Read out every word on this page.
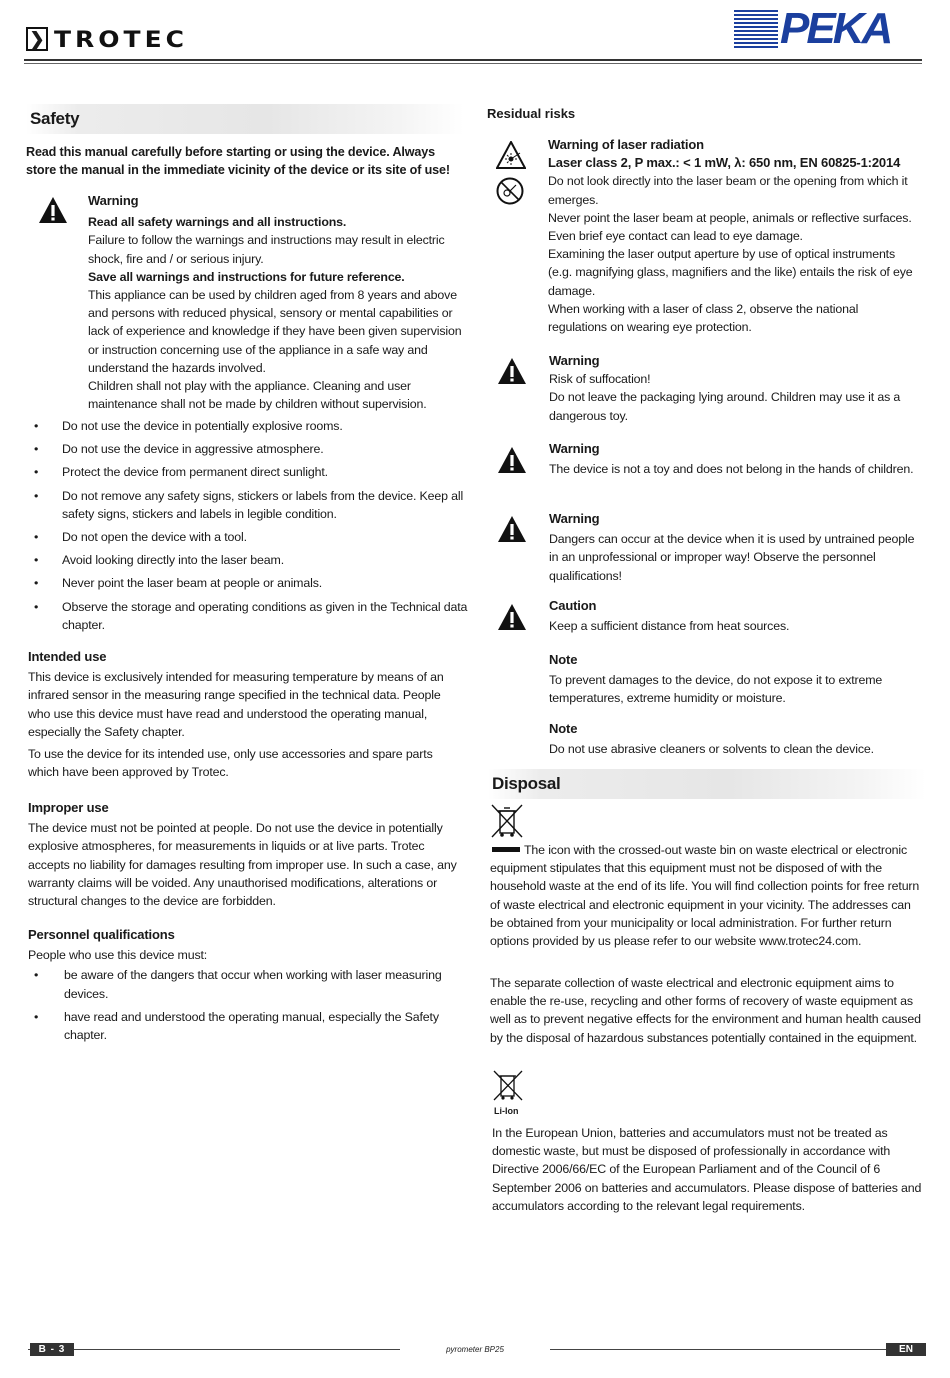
❯ TROTEC	PEKA
Safety
Read this manual carefully before starting or using the device. Always store the manual in the immediate vicinity of the device or its site of use!
Warning
Read all safety warnings and all instructions.
Failure to follow the warnings and instructions may result in electric shock, fire and / or serious injury.
Save all warnings and instructions for future reference.
This appliance can be used by children aged from 8 years and above and persons with reduced physical, sensory or mental capabilities or lack of experience and knowledge if they have been given supervision or instruction concerning use of the appliance in a safe way and understand the hazards involved.
Children shall not play with the appliance. Cleaning and user maintenance shall not be made by children without supervision.
• Do not use the device in potentially explosive rooms.
• Do not use the device in aggressive atmosphere.
• Protect the device from permanent direct sunlight.
• Do not remove any safety signs, stickers or labels from the device. Keep all safety signs, stickers and labels in legible condition.
• Do not open the device with a tool.
• Avoid looking directly into the laser beam.
• Never point the laser beam at people or animals.
• Observe the storage and operating conditions as given in the Technical data chapter.
Intended use

This device is exclusively intended for measuring temperature by means of an infrared sensor in the measuring range specified in the technical data. People who use this device must have read and understood the operating manual, especially the Safety chapter.

To use the device for its intended use, only use accessories and spare parts which have been approved by Trotec.

Improper use

The device must not be pointed at people. Do not use the device in potentially explosive atmospheres, for measurements in liquids or at live parts. Trotec accepts no liability for damages resulting from improper use. In such a case, any warranty claims will be voided. Any unauthorised modifications, alterations or structural changes to the device are forbidden.

Personnel qualifications

People who use this device must:

• be aware of the dangers that occur when working with laser measuring devices.
• have read and understood the operating manual, especially the Safety chapter.
Residual risks
Warning of laser radiation
Laser class 2, P max.: < 1 mW, λ: 650 nm, EN 60825-1:2014
Do not look directly into the laser beam or the opening from which it emerges.
Never point the laser beam at people, animals or reflective surfaces. Even brief eye contact can lead to eye damage.
Examining the laser output aperture by use of optical instruments (e.g. magnifying glass, magnifiers and the like) entails the risk of eye damage.
When working with a laser of class 2, observe the national regulations on wearing eye protection.
Warning
Risk of suffocation!
Do not leave the packaging lying around. Children may use it as a dangerous toy.
Warning
The device is not a toy and does not belong in the hands of children.
Warning
Dangers can occur at the device when it is used by untrained people in an unprofessional or improper way! Observe the personnel qualifications!
Caution
Keep a sufficient distance from heat sources.
Note
To prevent damages to the device, do not expose it to extreme temperatures, extreme humidity or moisture.
Note
Do not use abrasive cleaners or solvents to clean the device.
Disposal
The icon with the crossed-out waste bin on waste electrical or electronic equipment stipulates that this equipment must not be disposed of with the household waste at the end of its life. You will find collection points for free return of waste electrical and electronic equipment in your vicinity. The addresses can be obtained from your municipality or local administration. For further return options provided by us please refer to our website www.trotec24.com.
The separate collection of waste electrical and electronic equipment aims to enable the re-use, recycling and other forms of recovery of waste equipment as well as to prevent negative effects for the environment and human health caused by the disposal of hazardous substances potentially contained in the equipment.
Li-Ion
In the European Union, batteries and accumulators must not be treated as domestic waste, but must be disposed of professionally in accordance with Directive 2006/66/EC of the European Parliament and of the Council of 6 September 2006 on batteries and accumulators. Please dispose of batteries and accumulators according to the relevant legal requirements.
B - 3	pyrometer BP25	EN
